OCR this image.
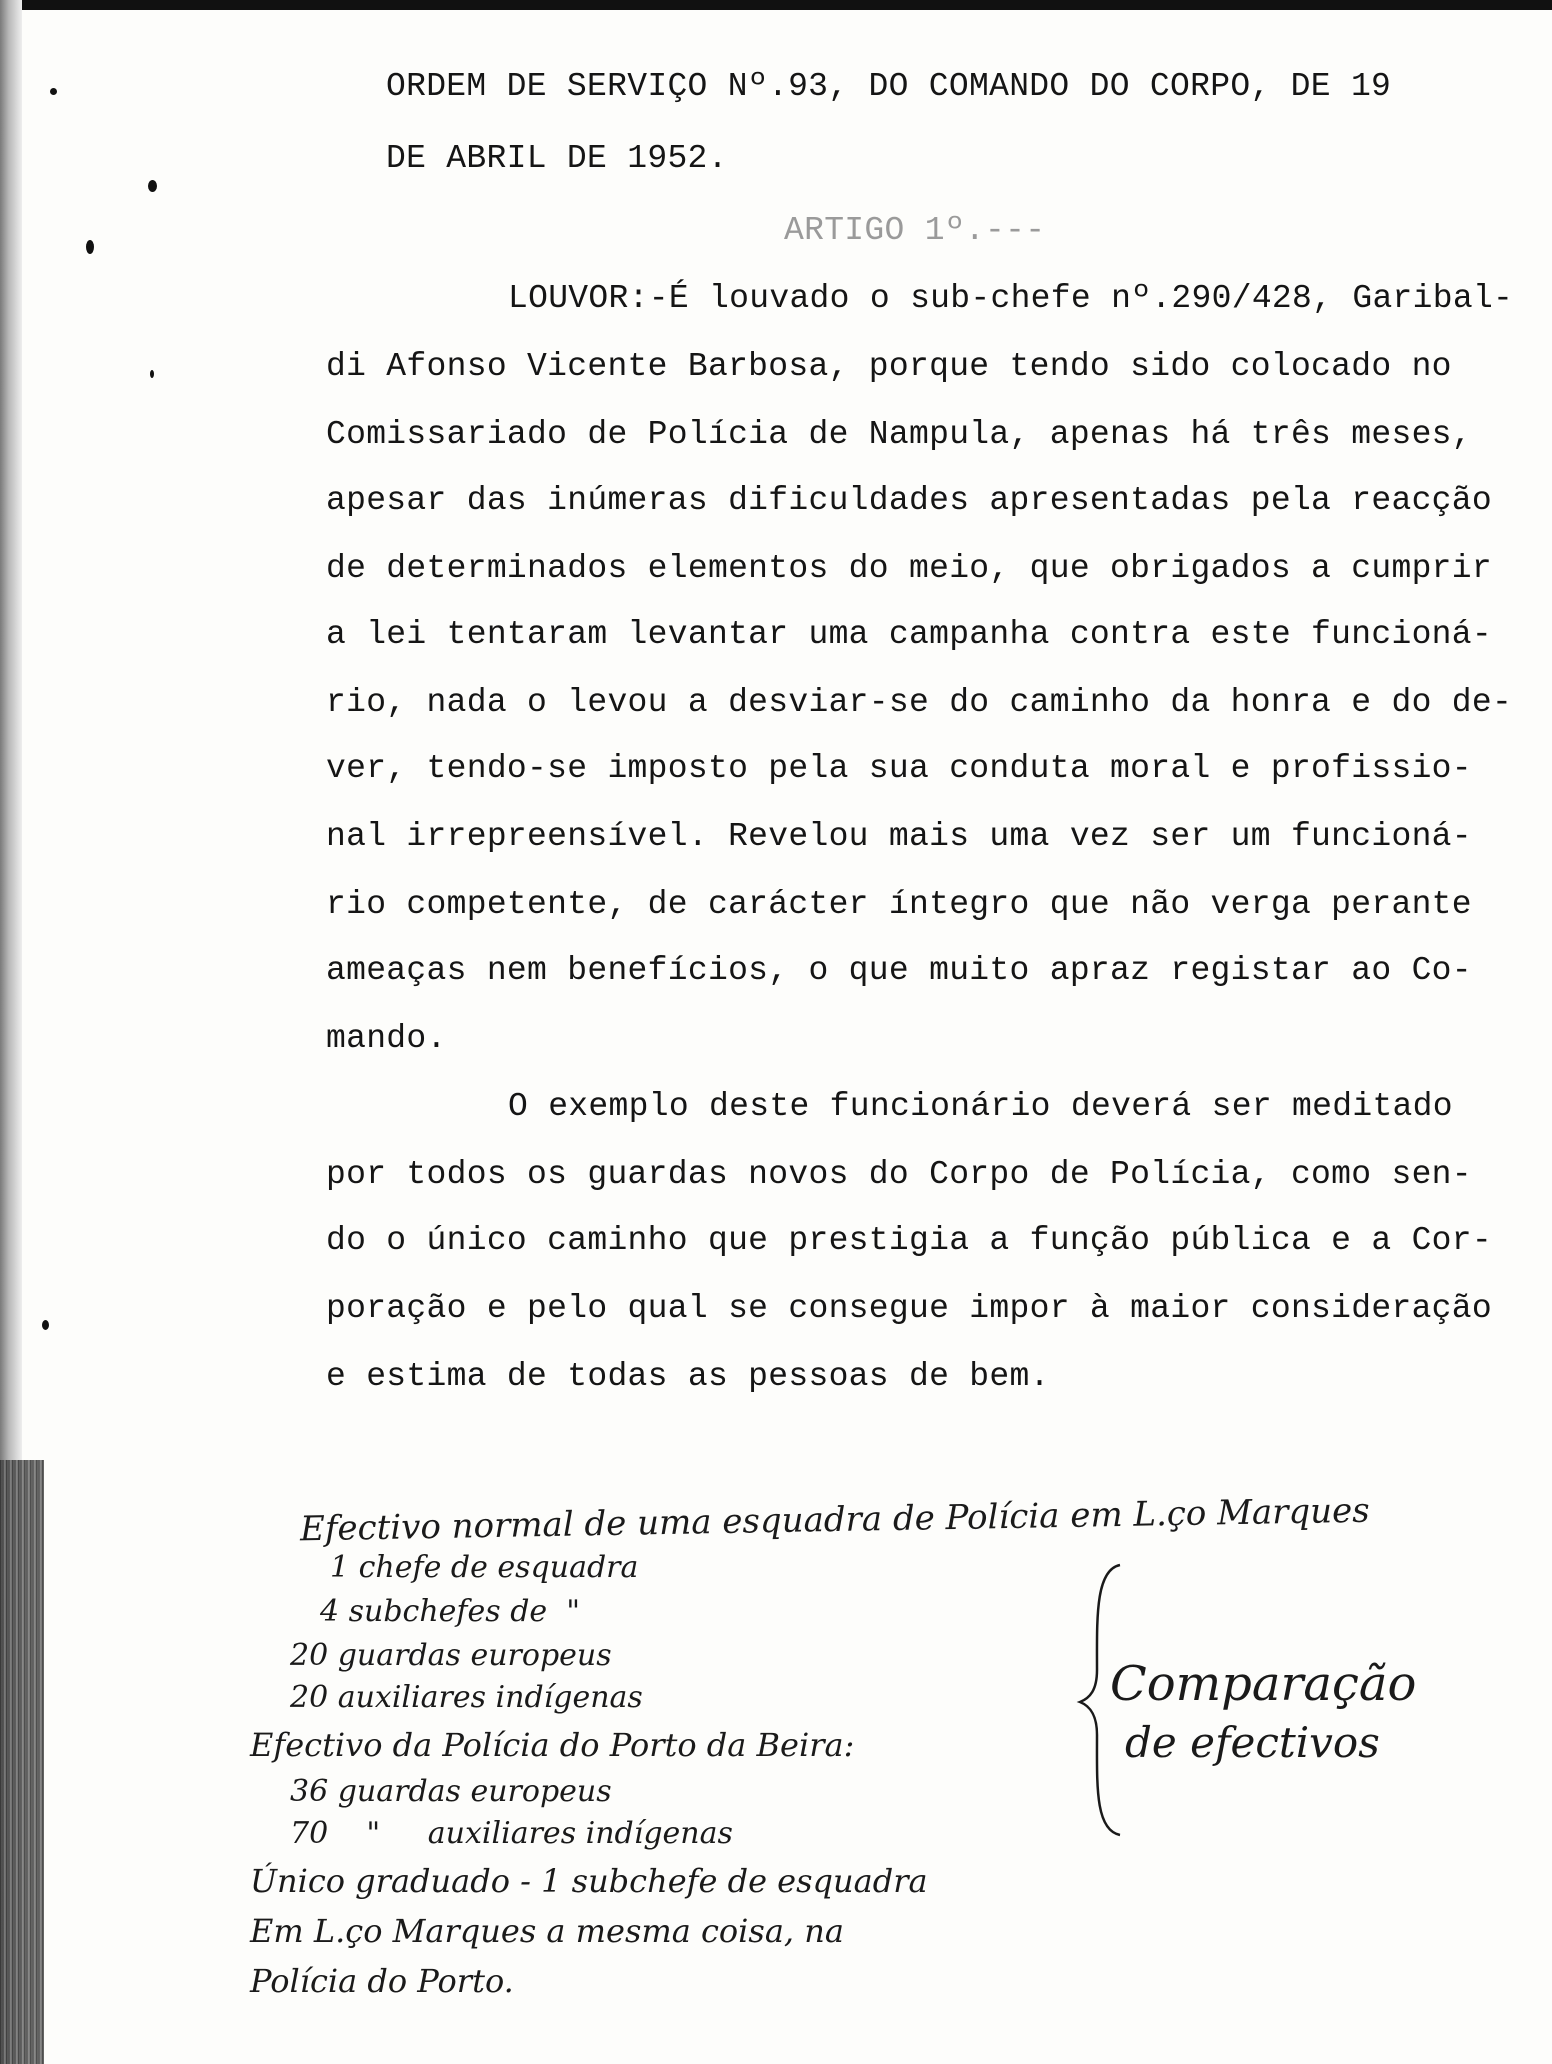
ORDEM DE SERVIÇO Nº.93, DO COMANDO DO CORPO, DE 19

DE ABRIL DE 1952.

ARTIGO 1º.---

LOUVOR:-É louvado o sub-chefe nº.290/428, Garibal-

di Afonso Vicente Barbosa, porque tendo sido colocado no

Comissariado de Polícia de Nampula, apenas há três meses,

apesar das inúmeras dificuldades apresentadas pela reacção

de determinados elementos do meio, que obrigados a cumprir

a lei tentaram levantar uma campanha contra este funcioná-

rio, nada o levou a desviar-se do caminho da honra e do de-

ver, tendo-se imposto pela sua conduta moral e profissio-

nal irrepreensível. Revelou mais uma vez ser um funcioná-

rio competente, de carácter íntegro que não verga perante

ameaças nem benefícios, o que muito apraz registar ao Co-

mando.

O exemplo deste funcionário deverá ser meditado

por todos os guardas novos do Corpo de Polícia, como sen-

do o único caminho que prestigia a função pública e a Cor-

poração e pelo qual se consegue impor à maior consideração

e estima de todas as pessoas de bem.

Efectivo normal de uma esquadra de Polícia em L.ço Marques

1 chefe de esquadra

4 subchefes de  "

20 guardas europeus

20 auxiliares indígenas

Efectivo da Polícia do Porto da Beira:

36 guardas europeus

70    "     auxiliares indígenas

Único graduado - 1 subchefe de esquadra

Em L.ço Marques a mesma coisa, na

Polícia do Porto.

Comparação

de efectivos
